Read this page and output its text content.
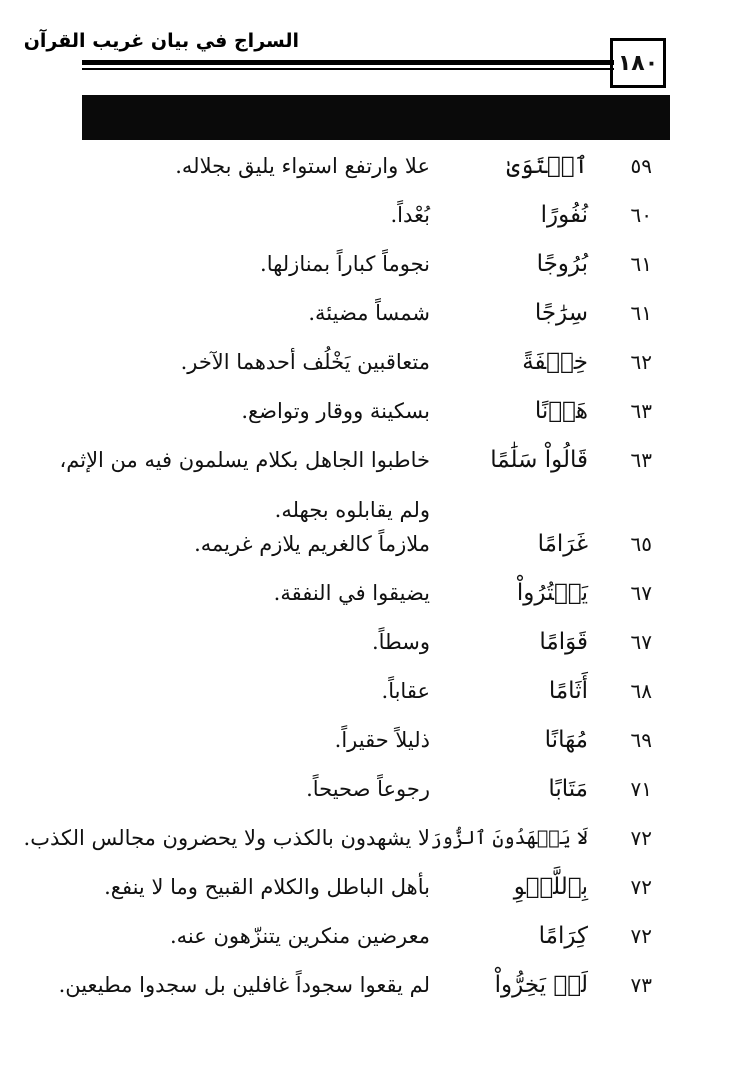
السراج في بيان غريب القرآن
١٨٠
٥٩
ٱسۡتَوَىٰ
علا وارتفع استواء يليق بجلاله.
٦٠
نُفُورًا
بُعْداً.
٦١
بُرُوجًا
نجوماً كباراً بمنازلها.
٦١
سِرَٰجًا
شمساً مضيئة.
٦٢
خِلۡفَةً
متعاقبين يَخْلُف أحدهما الآخر.
٦٣
هَوۡنًا
بسكينة ووقار وتواضع.
٦٣
قَالُواْ سَلَٰمًا
خاطبوا الجاهل بكلام يسلمون فيه من الإثم،
ولم يقابلوه بجهله.
٦٥
غَرَامًا
ملازماً كالغريم يلازم غريمه.
٦٧
يَقۡتُرُواْ
يضيقوا في النفقة.
٦٧
قَوَامًا
وسطاً.
٦٨
أَثَامًا
عقاباً.
٦٩
مُهَانًا
ذليلاً حقيراً.
٧١
مَتَابًا
رجوعاً صحيحاً.
٧٢
لَا يَشۡهَدُونَ ٱلزُّورَ
لا يشهدون بالكذب ولا يحضرون مجالس الكذب.
٧٢
بِٱللَّغۡوِ
بأهل الباطل والكلام القبيح وما لا ينفع.
٧٢
كِرَامًا
معرضين منكرين يتنزّهون عنه.
٧٣
لَمۡ يَخِرُّواْ
لم يقعوا سجوداً غافلين بل سجدوا مطيعين.
